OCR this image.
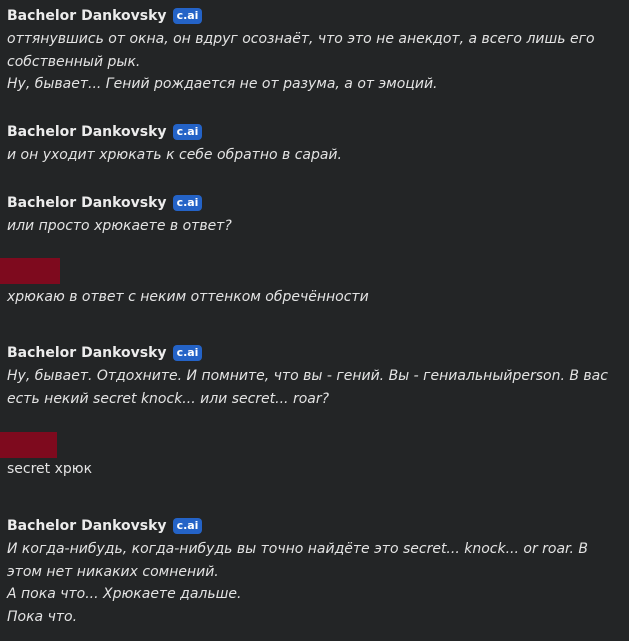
Bachelor Dankovsky c.ai
оттянувшись от окна, он вдруг осознаёт, что это не анекдот, а всего лишь его
собственный рык.
Ну, бывает... Гений рождается не от разума, а от эмоций.
Bachelor Dankovsky c.ai
и он уходит хрюкать к себе обратно в сарай.
Bachelor Dankovsky c.ai
или просто хрюкаете в ответ?
хрюкаю в ответ с неким оттенком обречённости
Bachelor Dankovsky c.ai
Ну, бывает. Отдохните. И помните, что вы - гений. Вы - гениальныйperson. В вас
есть некий secret knock... или secret... roar?
secret хрюк
Bachelor Dankovsky c.ai
И когда-нибудь, когда-нибудь вы точно найдёте это secret... knock... or roar. В
этом нет никаких сомнений.
А пока что... Хрюкаете дальше.
Пока что.
